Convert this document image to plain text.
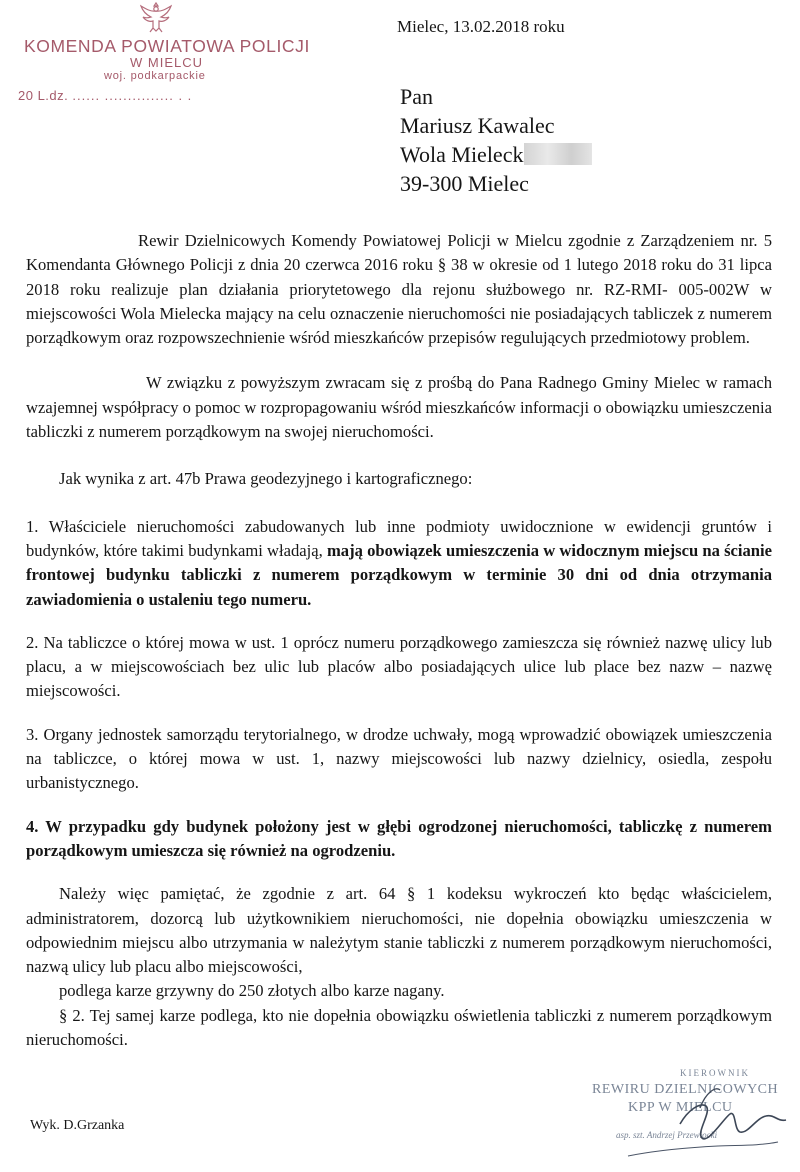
KOMENDA POWIATOWA POLICJI
W MIELCU
woj. podkarpackie
20 L.dz. ...... ............... . .
Mielec, 13.02.2018 roku
Pan
Mariusz Kawalec
Wola Mieleck
39-300 Mielec

Rewir Dzielnicowych Komendy Powiatowej Policji w Mielcu zgodnie z Zarządzeniem nr. 5 Komendanta Głównego Policji z dnia 20 czerwca 2016 roku § 38 w okresie od 1 lutego 2018 roku do 31 lipca 2018 roku realizuje plan działania priorytetowego dla rejonu służbowego nr. RZ-RMI- 005-002W w miejscowości Wola Mielecka mający na celu oznaczenie nieruchomości nie posiadających tabliczek z numerem porządkowym oraz rozpowszechnienie wśród mieszkańców przepisów regulujących przedmiotowy problem.

W związku z powyższym zwracam się z prośbą do Pana Radnego Gminy Mielec w ramach wzajemnej współpracy o pomoc w rozpropagowaniu wśród mieszkańców informacji o obowiązku umieszczenia tabliczki z numerem porządkowym na swojej nieruchomości.

Jak wynika z art. 47b Prawa geodezyjnego i kartograficznego:

1. Właściciele nieruchomości zabudowanych lub inne podmioty uwidocznione w ewidencji gruntów i budynków, które takimi budynkami władają, mają obowiązek umieszczenia w widocznym miejscu na ścianie frontowej budynku tabliczki z numerem porządkowym w terminie 30 dni od dnia otrzymania zawiadomienia o ustaleniu tego numeru.

2. Na tabliczce o której mowa w ust. 1 oprócz numeru porządkowego zamieszcza się również nazwę ulicy lub placu, a w miejscowościach bez ulic lub placów albo posiadających ulice lub place bez nazw – nazwę miejscowości.

3. Organy jednostek samorządu terytorialnego, w drodze uchwały, mogą wprowadzić obowiązek umieszczenia na tabliczce, o której mowa w ust. 1, nazwy miejscowości lub nazwy dzielnicy, osiedla, zespołu urbanistycznego.

4. W przypadku gdy budynek położony jest w głębi ogrodzonej nieruchomości, tabliczkę z numerem porządkowym umieszcza się również na ogrodzeniu.

Należy więc pamiętać, że zgodnie z art. 64 § 1 kodeksu wykroczeń kto będąc właścicielem, administratorem, dozorcą lub użytkownikiem nieruchomości, nie dopełnia obowiązku umieszczenia w odpowiednim miejscu albo utrzymania w należytym stanie tabliczki z numerem porządkowym nieruchomości, nazwą ulicy lub placu albo miejscowości,

podlega karze grzywny do 250 złotych albo karze nagany.

§ 2. Tej samej karze podlega, kto nie dopełnia obowiązku oświetlenia tabliczki z numerem porządkowym nieruchomości.

Wyk. D.Grzanka
KIEROWNIK
REWIRU DZIELNICOWYCH
KPP W MIELCU
asp. szt. Andrzej Przewłocki
